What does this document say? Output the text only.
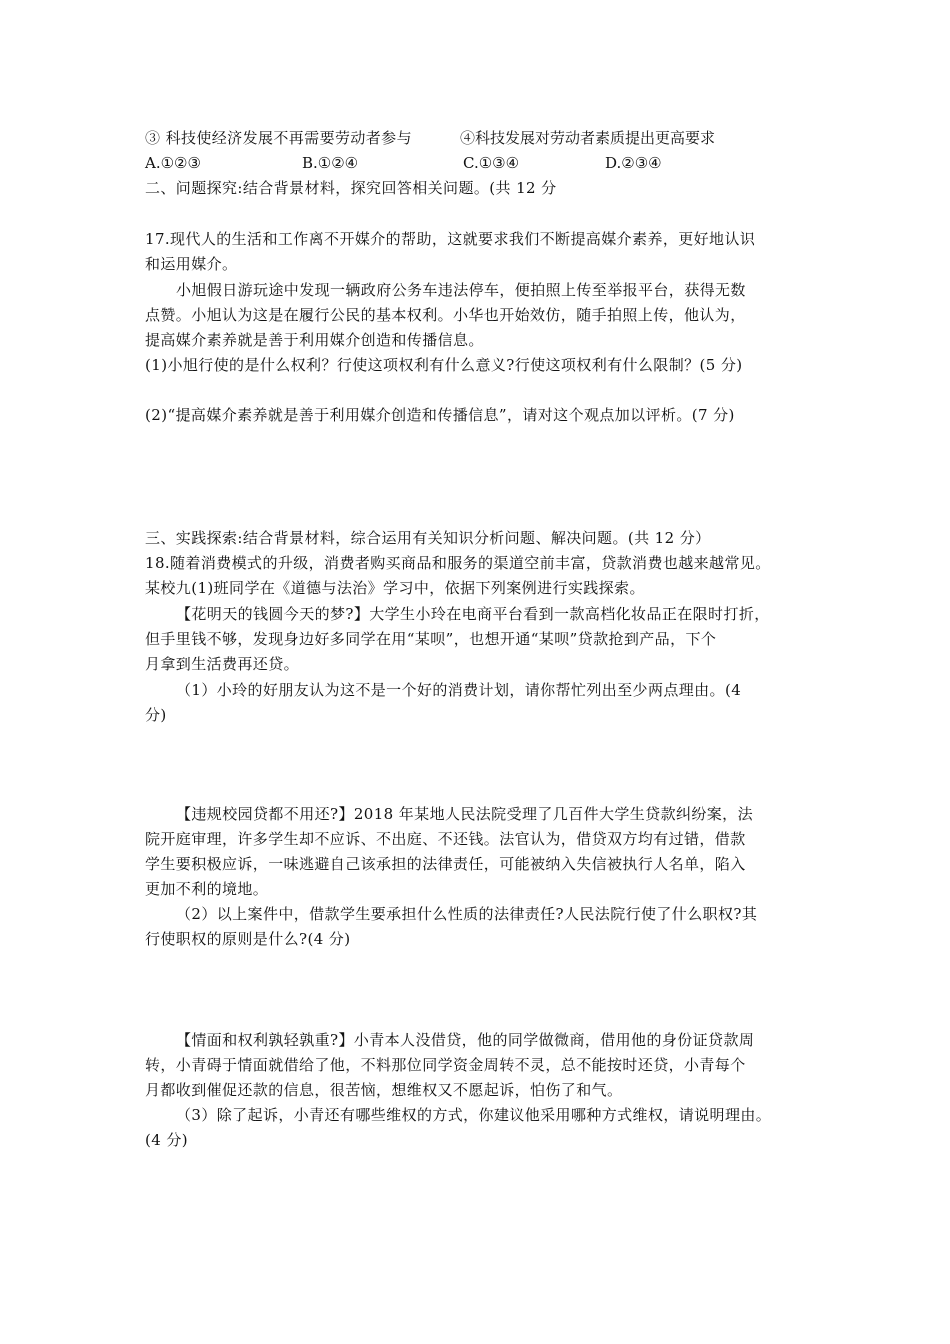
③ 科技使经济发展不再需要劳动者参与	④科技发展对劳动者素质提出更高要求
A.①②③	B.①②④	C.①③④	D.②③④
二、问题探究:结合背景材料，探究回答相关问题。(共 12 分
17.现代人的生活和工作离不开媒介的帮助，这就要求我们不断提高媒介素养，更好地认识
和运用媒介。
小旭假日游玩途中发现一辆政府公务车违法停车，便拍照上传至举报平台，获得无数
点赞。小旭认为这是在履行公民的基本权利。小华也开始效仿，随手拍照上传，他认为，
提高媒介素养就是善于利用媒介创造和传播信息。
(1)小旭行使的是什么权利？行使这项权利有什么意义?行使这项权利有什么限制？(5 分)
(2)“提高媒介素养就是善于利用媒介创造和传播信息”，请对这个观点加以评析。(7 分)
三、实践探索:结合背景材料，综合运用有关知识分析问题、解决问题。(共 12 分）
18.随着消费模式的升级，消费者购买商品和服务的渠道空前丰富，贷款消费也越来越常见。
某校九(1)班同学在《道德与法治》学习中，依据下列案例进行实践探索。
【花明天的钱圆今天的梦?】大学生小玲在电商平台看到一款高档化妆品正在限时打折，
但手里钱不够，发现身边好多同学在用“某呗”，也想开通“某呗”贷款抢到产品，下个
月拿到生活费再还贷。
（1）小玲的好朋友认为这不是一个好的消费计划，请你帮忙列出至少两点理由。(4
分)
【违规校园贷都不用还?】2018 年某地人民法院受理了几百件大学生贷款纠纷案，法
院开庭审理，许多学生却不应诉、不出庭、不还钱。法官认为，借贷双方均有过错，借款
学生要积极应诉，一味逃避自己该承担的法律责任，可能被纳入失信被执行人名单，陷入
更加不利的境地。
（2）以上案件中，借款学生要承担什么性质的法律责任?人民法院行使了什么职权?其
行使职权的原则是什么?(4 分)
【情面和权利孰轻孰重?】小青本人没借贷，他的同学做微商，借用他的身份证贷款周
转，小青碍于情面就借给了他，不料那位同学资金周转不灵，总不能按时还贷，小青每个
月都收到催促还款的信息，很苦恼，想维权又不愿起诉，怕伤了和气。
（3）除了起诉，小青还有哪些维权的方式，你建议他采用哪种方式维权，请说明理由。
(4 分)
